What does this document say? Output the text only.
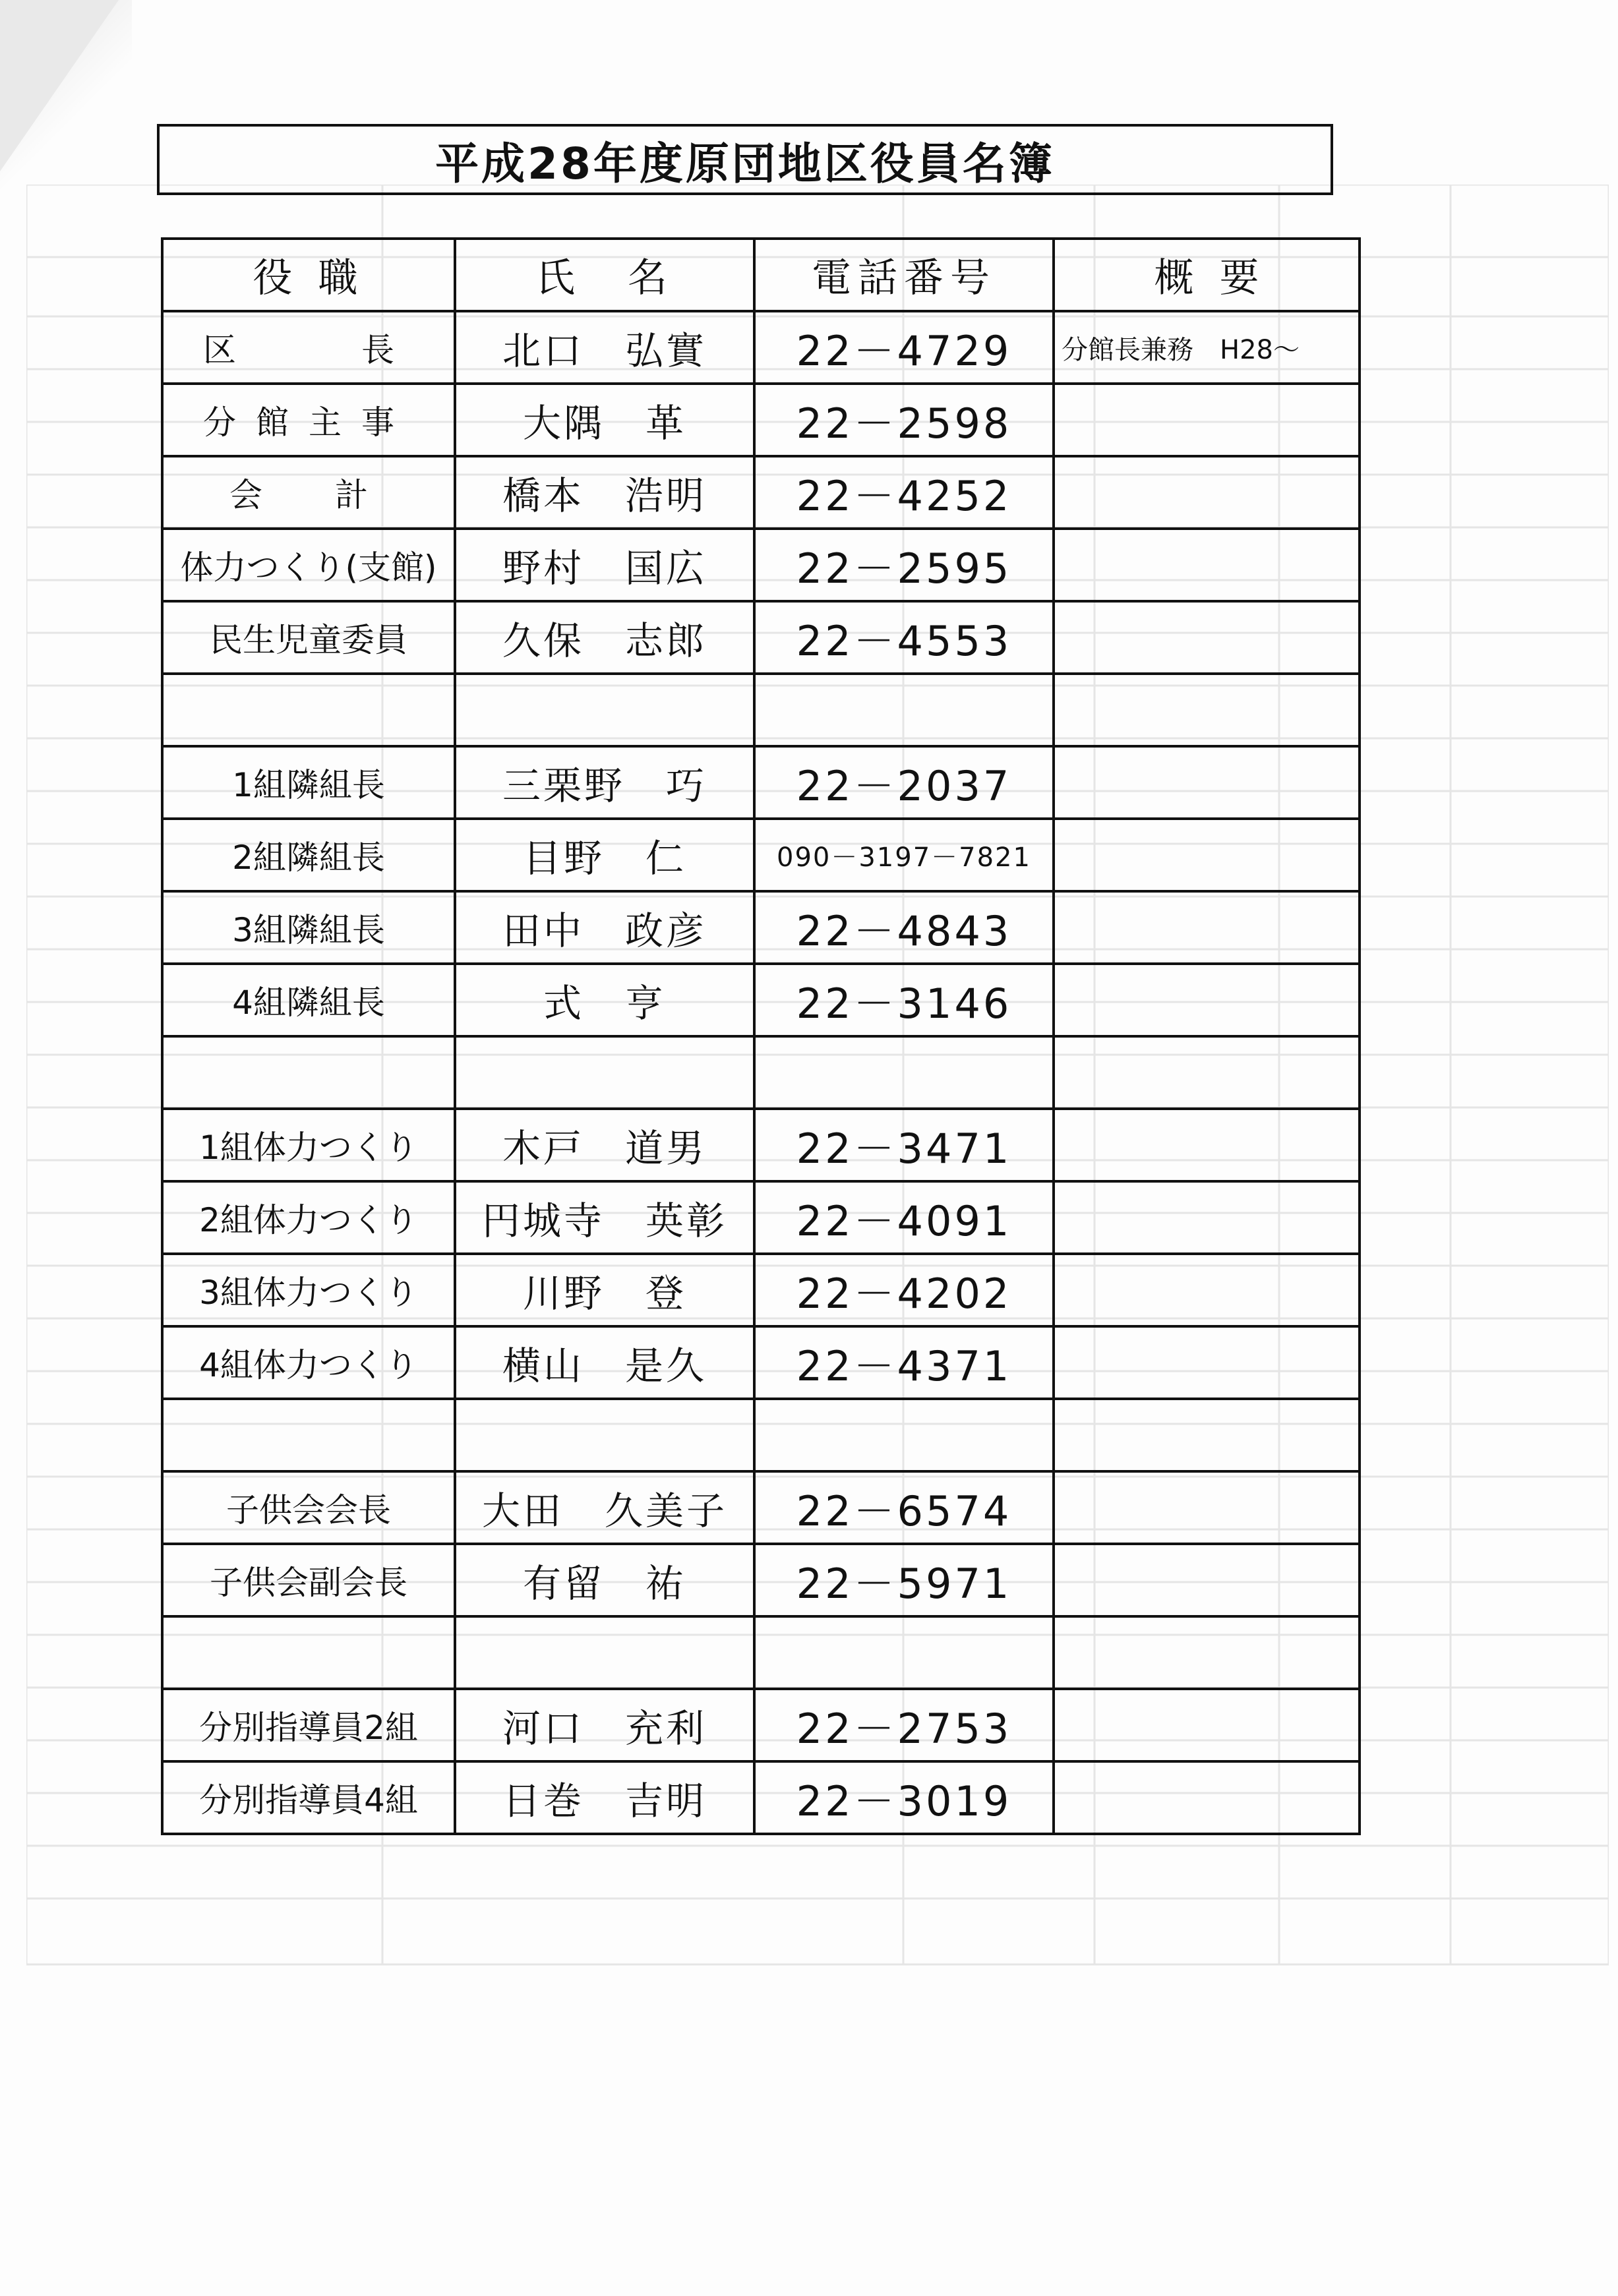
平成28年度原団地区役員名簿
役 職	氏　名	電話番号	概 要
区　　長	北口　弘實	22－4729	分館長兼務　H28～
分館主事	大隅　革	22－2598	
会　計	橋本　浩明	22－4252	
体力つくり(支館)	野村　国広	22－2595	
民生児童委員	久保　志郎	22－4553	

1組隣組長	三栗野　巧	22－2037	
2組隣組長	目野　仁	090－3197－7821	
3組隣組長	田中　政彦	22－4843	
4組隣組長	式　亨	22－3146	

1組体力つくり	木戸　道男	22－3471	
2組体力つくり	円城寺　英彰	22－4091	
3組体力つくり	川野　登	22－4202	
4組体力つくり	横山　是久	22－4371	

子供会会長	大田　久美子	22－6574	
子供会副会長	有留　祐	22－5971	

分別指導員2組	河口　充利	22－2753	
分別指導員4組	日巻　吉明	22－3019	
